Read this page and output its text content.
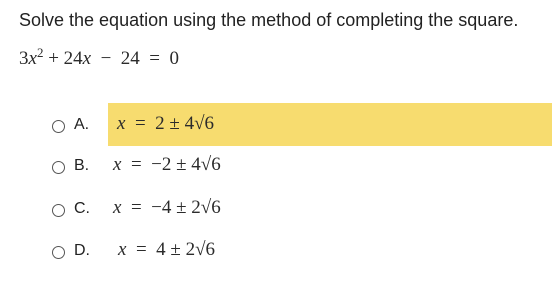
Solve the equation using the method of completing the square.
$3x^2 + 24x - 24 = 0$
A. x  =  2 ± 4√6
B. x  =  −2 ± 4√6
C. x  =  −4 ± 2√6
D. x  =  4 ± 2√6
